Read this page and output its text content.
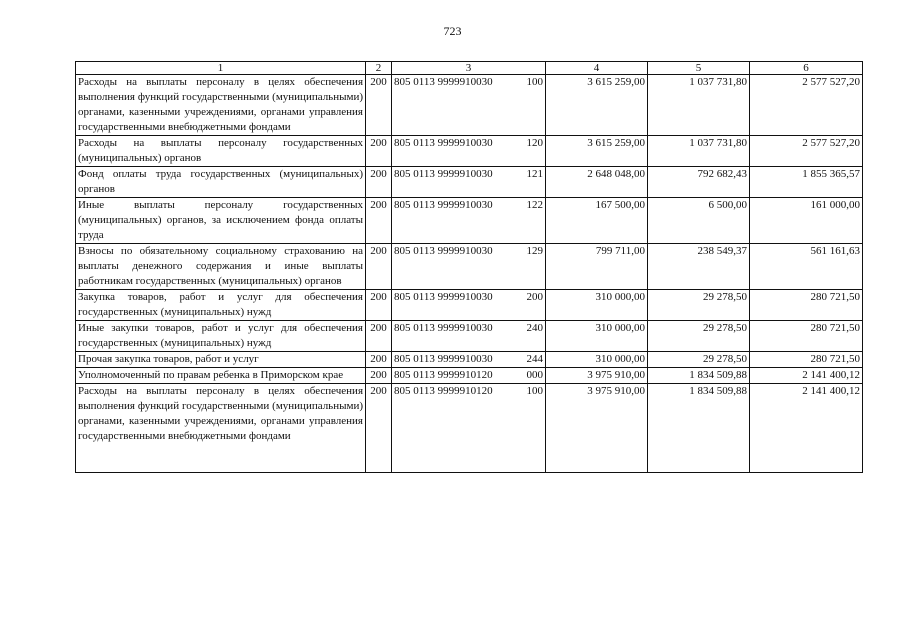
723
1	2	3	4	5	6
Расходы на выплаты персоналу в целях обеспечения выполнения функций государственными (муниципальными) органами, казенными учреждениями, органами управления государственными внебюджетными фондами	200	805 0113 9999910030 100	3 615 259,00	1 037 731,80	2 577 527,20
Расходы на выплаты персоналу государственных (муниципальных) органов	200	805 0113 9999910030 120	3 615 259,00	1 037 731,80	2 577 527,20
Фонд оплаты труда государственных (муниципальных) органов	200	805 0113 9999910030 121	2 648 048,00	792 682,43	1 855 365,57
Иные выплаты персоналу государственных (муниципальных) органов, за исключением фонда оплаты труда	200	805 0113 9999910030 122	167 500,00	6 500,00	161 000,00
Взносы по обязательному социальному страхованию на выплаты денежного содержания и иные выплаты работникам государственных (муниципальных) органов	200	805 0113 9999910030 129	799 711,00	238 549,37	561 161,63
Закупка товаров, работ и услуг для обеспечения государственных (муниципальных) нужд	200	805 0113 9999910030 200	310 000,00	29 278,50	280 721,50
Иные закупки товаров, работ и услуг для обеспечения государственных (муниципальных) нужд	200	805 0113 9999910030 240	310 000,00	29 278,50	280 721,50
Прочая закупка товаров, работ и услуг	200	805 0113 9999910030 244	310 000,00	29 278,50	280 721,50
Уполномоченный по правам ребенка в Приморском крае	200	805 0113 9999910120 000	3 975 910,00	1 834 509,88	2 141 400,12
Расходы на выплаты персоналу в целях обеспечения выполнения функций государственными (муниципальными) органами, казенными учреждениями, органами управления государственными внебюджетными фондами	200	805 0113 9999910120 100	3 975 910,00	1 834 509,88	2 141 400,12
